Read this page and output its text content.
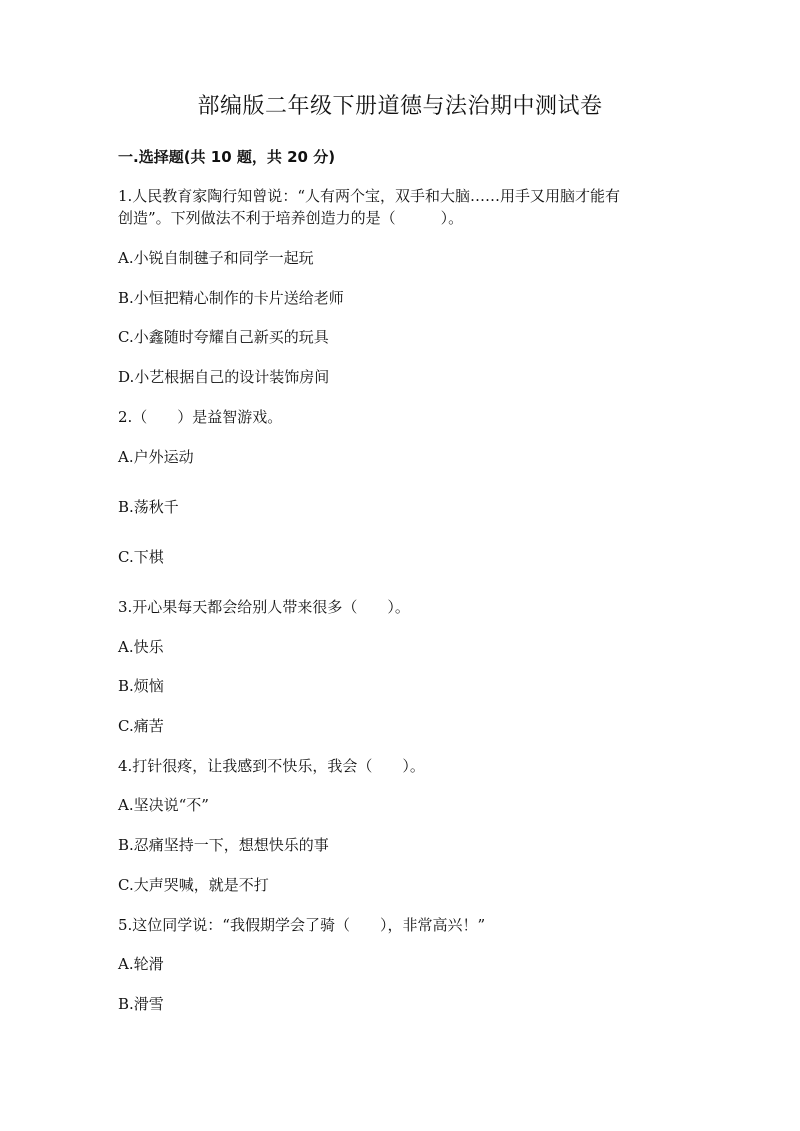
部编版二年级下册道德与法治期中测试卷
一.选择题(共 10 题，共 20 分)

1.人民教育家陶行知曾说：“人有两个宝，双手和大脑……用手又用脑才能有

创造”。下列做法不利于培养创造力的是（　　　）。

A.小锐自制毽子和同学一起玩

B.小恒把精心制作的卡片送给老师

C.小鑫随时夸耀自己新买的玩具

D.小艺根据自己的设计装饰房间

2.（　　）是益智游戏。

A.户外运动

B.荡秋千

C.下棋

3.开心果每天都会给别人带来很多（　　）。

A.快乐

B.烦恼

C.痛苦

4.打针很疼，让我感到不快乐，我会（　　）。

A.坚决说“不”

B.忍痛坚持一下，想想快乐的事

C.大声哭喊，就是不打

5.这位同学说：“我假期学会了骑（　　），非常高兴！”

A.轮滑

B.滑雪
